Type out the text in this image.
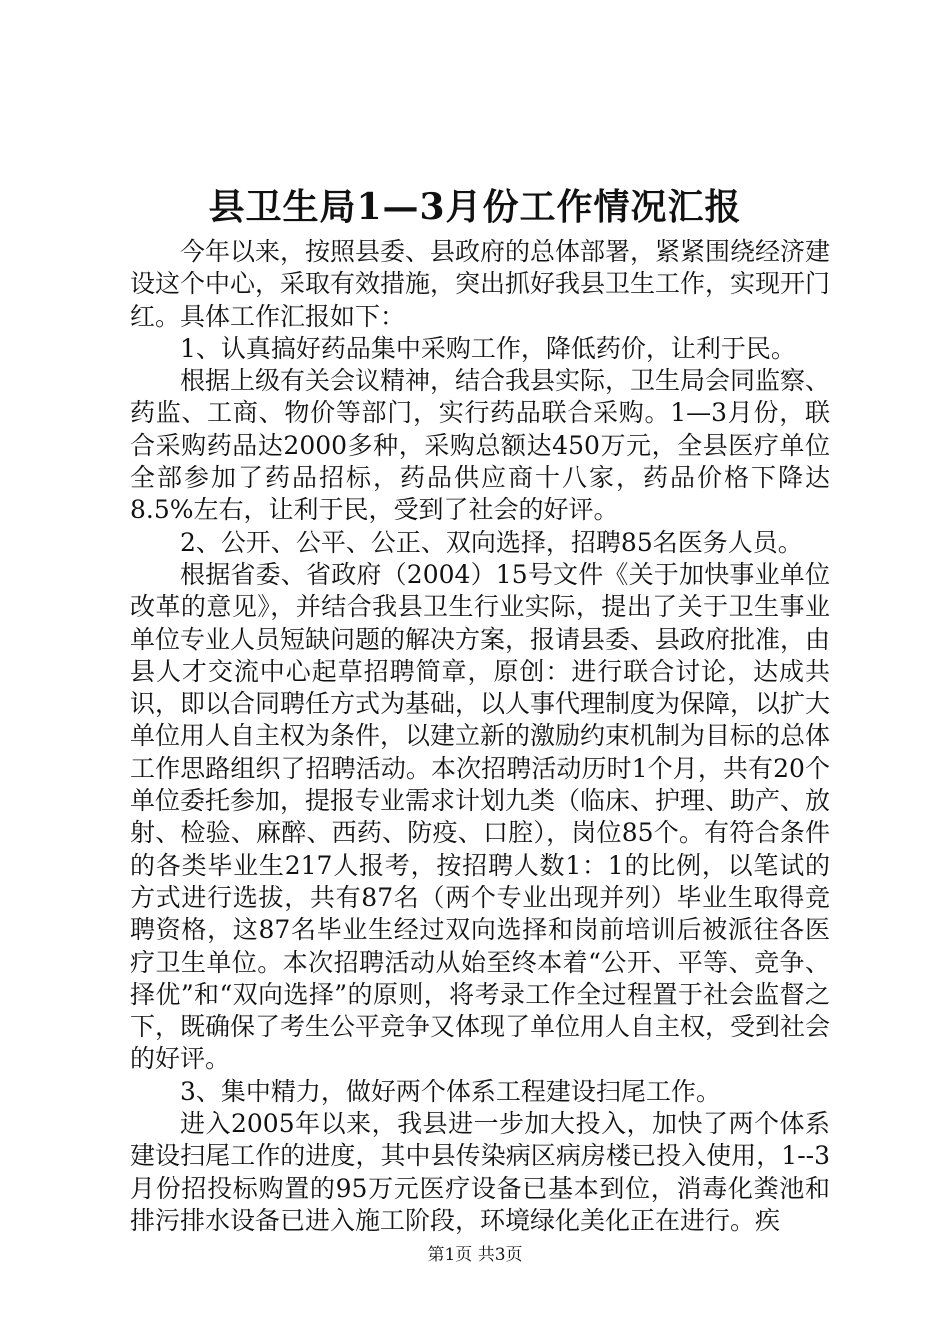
县卫生局1—3月份工作情况汇报

今年以来，按照县委、县政府的总体部署，紧紧围绕经济建设这个中心，采取有效措施，突出抓好我县卫生工作，实现开门红。具体工作汇报如下：

1、认真搞好药品集中采购工作，降低药价，让利于民。

根据上级有关会议精神，结合我县实际，卫生局会同监察、药监、工商、物价等部门，实行药品联合采购。1—3月份，联合采购药品达2000多种，采购总额达450万元，全县医疗单位全部参加了药品招标，药品供应商十八家，药品价格下降达8.5%左右，让利于民，受到了社会的好评。

2、公开、公平、公正、双向选择，招聘85名医务人员。

根据省委、省政府（2004）15号文件《关于加快事业单位改革的意见》，并结合我县卫生行业实际，提出了关于卫生事业单位专业人员短缺问题的解决方案，报请县委、县政府批准，由县人才交流中心起草招聘简章，原创：进行联合讨论，达成共识，即以合同聘任方式为基础，以人事代理制度为保障，以扩大单位用人自主权为条件，以建立新的激励约束机制为目标的总体工作思路组织了招聘活动。本次招聘活动历时1个月，共有20个单位委托参加，提报专业需求计划九类（临床、护理、助产、放射、检验、麻醉、西药、防疫、口腔），岗位85个。有符合条件的各类毕业生217人报考，按招聘人数1：1的比例，以笔试的方式进行选拔，共有87名（两个专业出现并列）毕业生取得竞聘资格，这87名毕业生经过双向选择和岗前培训后被派往各医疗卫生单位。本次招聘活动从始至终本着“公开、平等、竞争、择优”和“双向选择”的原则，将考录工作全过程置于社会监督之下，既确保了考生公平竞争又体现了单位用人自主权，受到社会的好评。

3、集中精力，做好两个体系工程建设扫尾工作。

进入2005年以来，我县进一步加大投入，加快了两个体系建设扫尾工作的进度，其中县传染病区病房楼已投入使用，1--3月份招投标购置的95万元医疗设备已基本到位，消毒化粪池和排污排水设备已进入施工阶段，环境绿化美化正在进行。疾

第1页 共3页
